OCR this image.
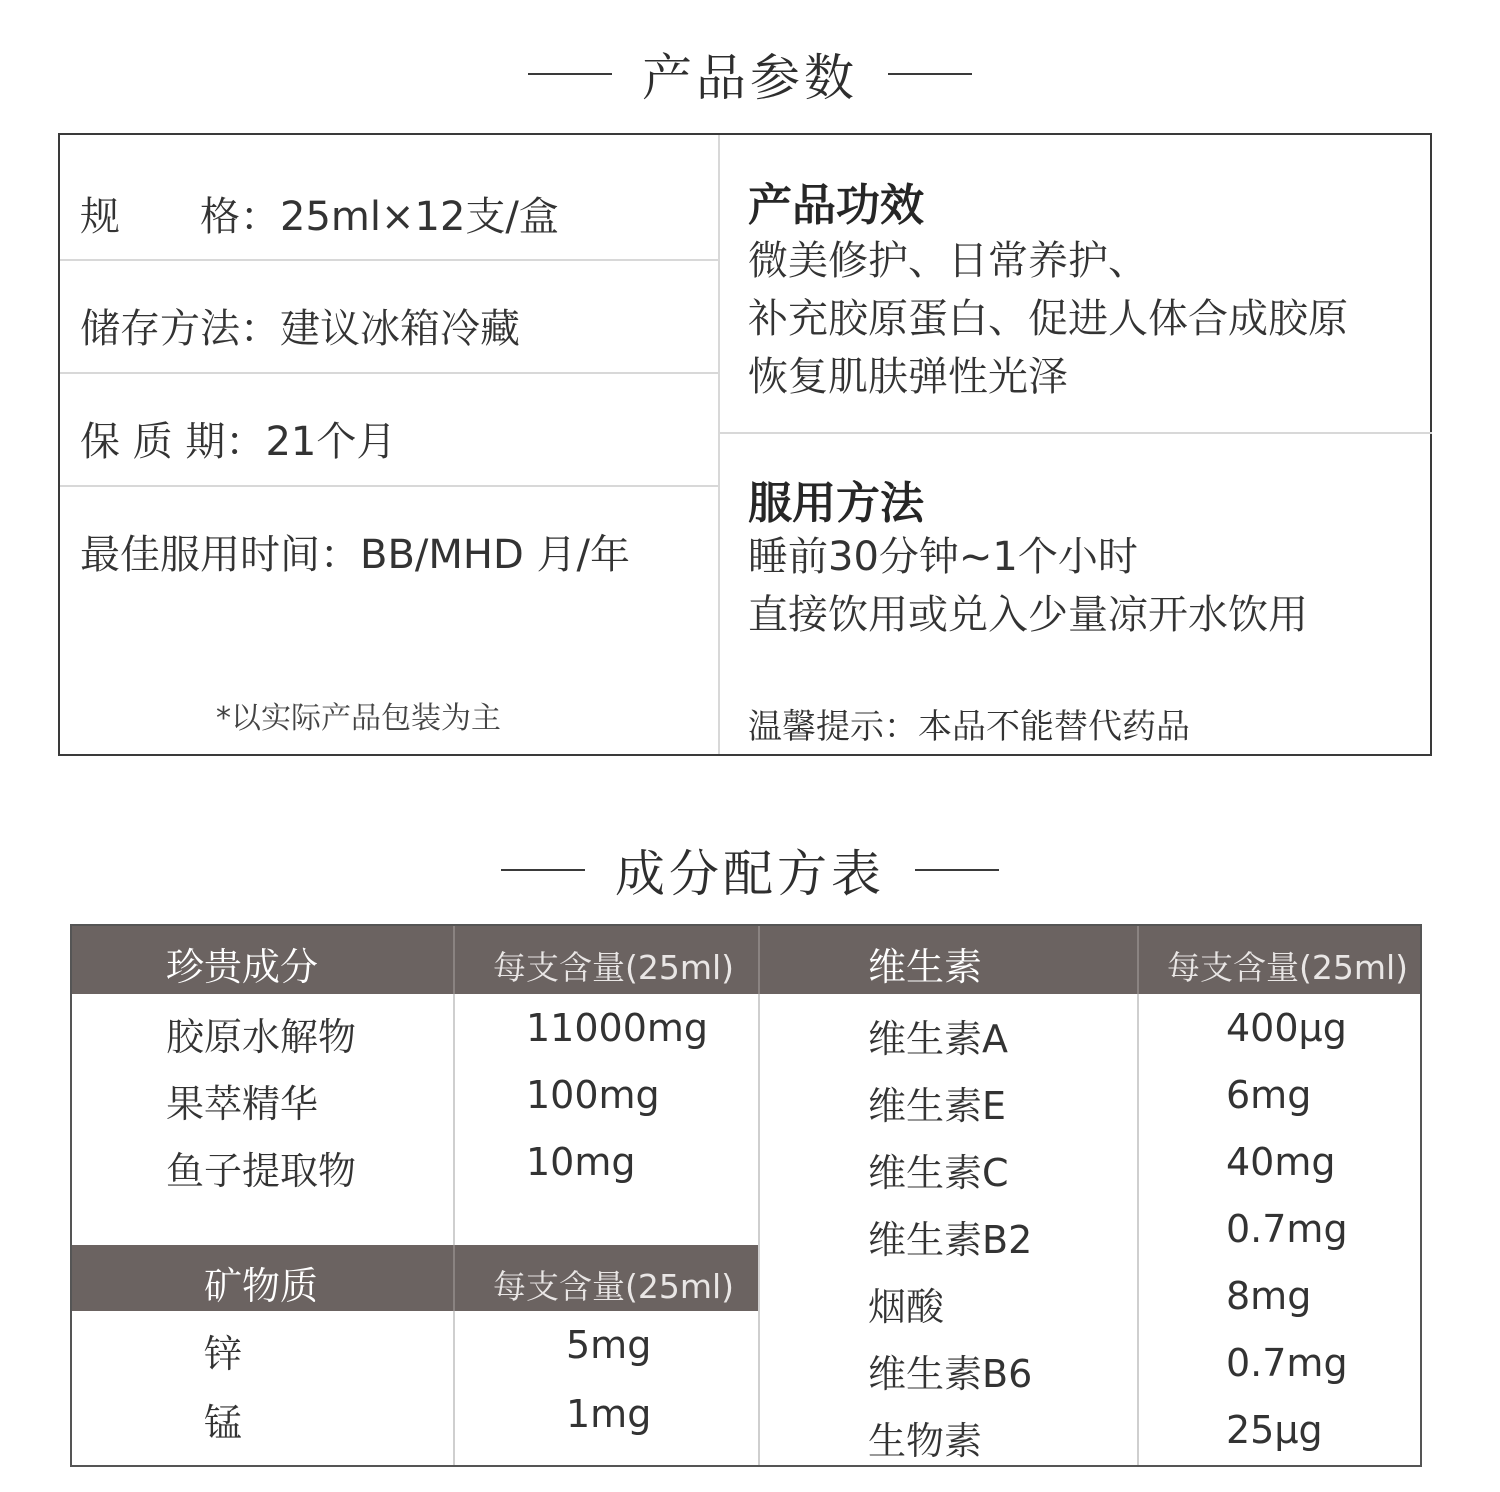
产品参数
规　　格：25ml×12支/盒
储存方法：建议冰箱冷藏
保 质 期：21个月
最佳服用时间：BB/MHD 月/年
*以实际产品包装为主
产品功效
微美修护、日常养护、
补充胶原蛋白、促进人体合成胶原
恢复肌肤弹性光泽
服用方法
睡前30分钟~1个小时
直接饮用或兑入少量凉开水饮用
温馨提示：本品不能替代药品
成分配方表
珍贵成分	每支含量(25ml)	维生素	每支含量(25ml)
胶原水解物	11000mg
果萃精华	100mg
鱼子提取物	10mg
矿物质	每支含量(25ml)
锌	5mg
锰	1mg
维生素A	400µg
维生素E	6mg
维生素C	40mg
维生素B2	0.7mg
烟酸	8mg
维生素B6	0.7mg
生物素	25µg
